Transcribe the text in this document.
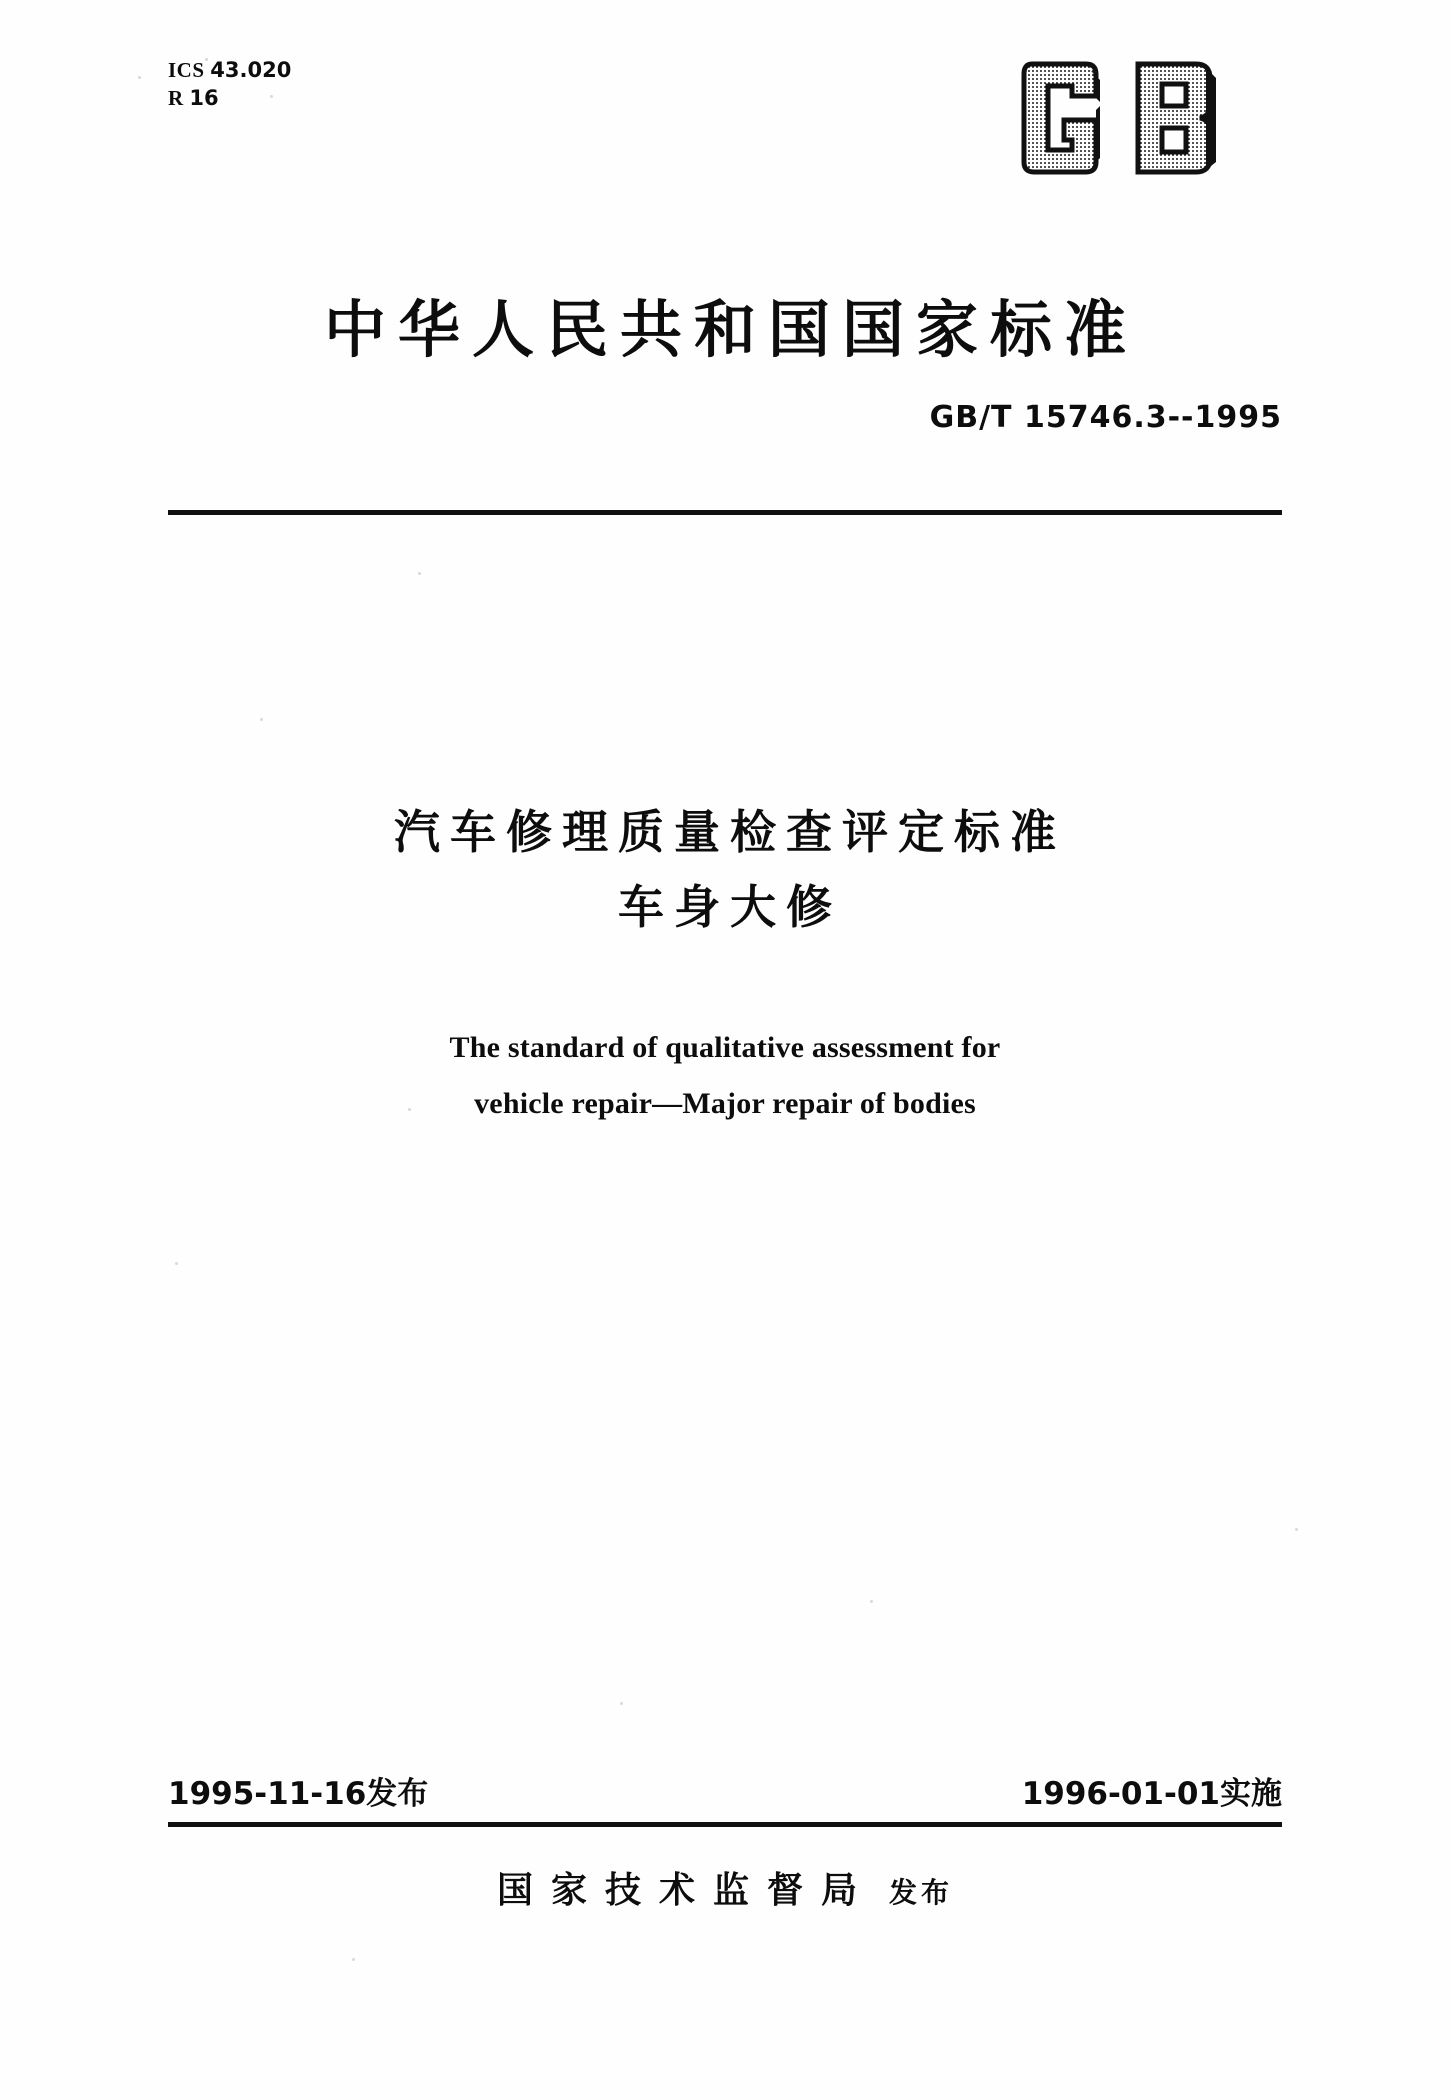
ICS 43.020
R 16
中华人民共和国国家标准
GB/T 15746.3--1995
汽车修理质量检查评定标准
车身大修
The standard of qualitative assessment for
vehicle repair—Major repair of bodies
1995-11-16发布	1996-01-01实施
国家技术监督局 发布
